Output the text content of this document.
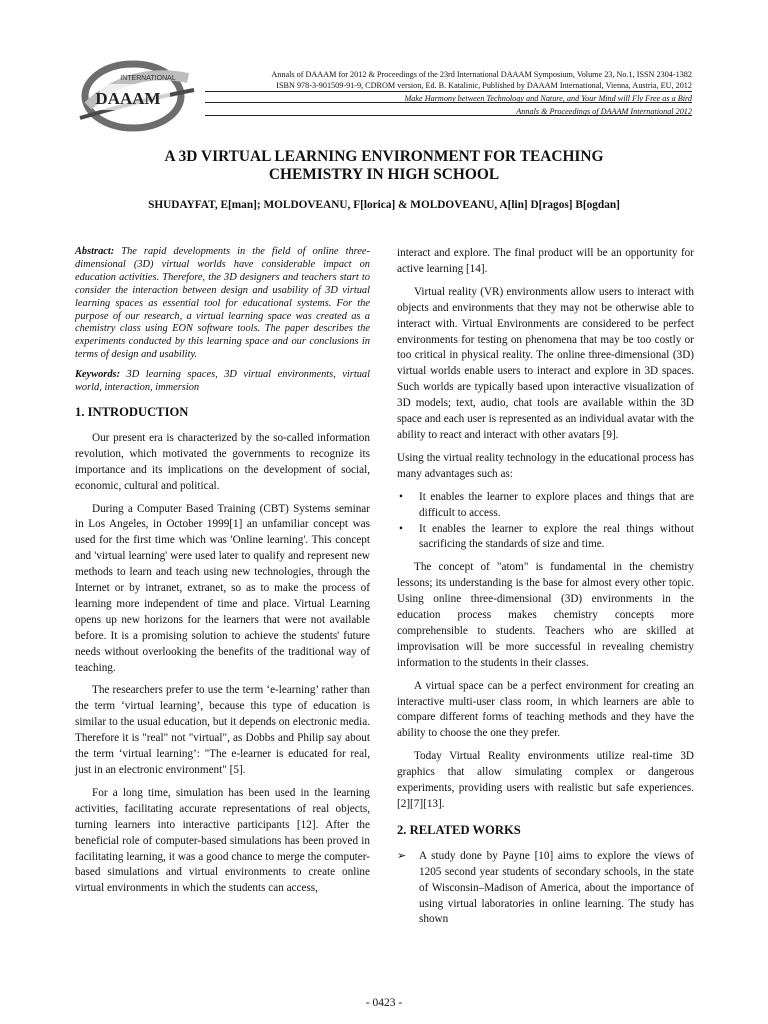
INTERNATIONAL
DAAAM
Annals of DAAAM for 2012 & Proceedings of the 23rd International DAAAM Symposium, Volume 23, No.1, ISSN 2304-1382
ISBN 978-3-901509-91-9, CDROM version, Ed. B. Katalinic, Published by DAAAM International, Vienna, Austria, EU, 2012
Make Harmony between Technology and Nature, and Your Mind will Fly Free as a Bird
Annals & Proceedings of DAAAM International 2012
A 3D VIRTUAL LEARNING ENVIRONMENT FOR TEACHING
CHEMISTRY IN HIGH SCHOOL
SHUDAYFAT, E[man]; MOLDOVEANU, F[lorica] & MOLDOVEANU, A[lin] D[ragos] B[ogdan]

Abstract: The rapid developments in the field of online three-dimensional (3D) virtual worlds have considerable impact on education activities. Therefore, the 3D designers and teachers start to consider the interaction between design and usability of 3D virtual learning spaces as essential tool for educational systems. For the purpose of our research, a virtual learning space was created as a chemistry class using EON software tools. The paper describes the experiments conducted by this learning space and our conclusions in terms of design and usability.

Keywords: 3D learning spaces, 3D virtual environments, virtual world, interaction, immersion

1. INTRODUCTION

Our present era is characterized by the so-called information revolution, which motivated the governments to recognize its importance and its implications on the development of social, economic, cultural and political.

During a Computer Based Training (CBT) Systems seminar in Los Angeles, in October 1999[1] an unfamiliar concept was used for the first time which was 'Online learning'. This concept and 'virtual learning' were used later to qualify and represent new methods to learn and teach using new technologies, through the Internet or by intranet, extranet, so as to make the process of learning more independent of time and place. Virtual Learning opens up new horizons for the learners that were not available before. It is a promising solution to achieve the students' future needs without overlooking the benefits of the traditional way of teaching.

The researchers prefer to use the term ‘e-learning’ rather than the term ‘virtual learning’, because this type of education is similar to the usual education, but it depends on electronic media. Therefore it is "real" not "virtual", as Dobbs and Philip say about the term ‘virtual learning’: "The e-learner is educated for real, just in an electronic environment" [5].

For a long time, simulation has been used in the learning activities, facilitating accurate representations of real objects, turning learners into interactive participants [12]. After the beneficial role of computer-based simulations has been proved in facilitating learning, it was a good chance to merge the computer-based simulations and virtual environments to create online virtual environments in which the students can access,

interact and explore. The final product will be an opportunity for active learning [14].

Virtual reality (VR) environments allow users to interact with objects and environments that they may not be otherwise able to interact with. Virtual Environments are considered to be perfect environments for testing on phenomena that may be too costly or too critical in physical reality. The online three-dimensional (3D) virtual worlds enable users to interact and explore in 3D spaces. Such worlds are typically based upon interactive visualization of 3D models; text, audio, chat tools are available within the 3D space and each user is represented as an individual avatar with the ability to react and interact with other avatars [9].

Using the virtual reality technology in the educational process has many advantages such as:

• It enables the learner to explore places and things that are difficult to access.
• It enables the learner to explore the real things without sacrificing the standards of size and time.

The concept of "atom" is fundamental in the chemistry lessons; its understanding is the base for almost every other topic. Using online three-dimensional (3D) environments in the education process makes chemistry concepts more comprehensible to students. Teachers who are skilled at improvisation will be more successful in revealing chemistry information to the students in their classes.

A virtual space can be a perfect environment for creating an interactive multi-user class room, in which learners are able to compare different forms of teaching methods and they have the ability to choose the one they prefer.

Today Virtual Reality environments utilize real-time 3D graphics that allow simulating complex or dangerous experiments, providing users with realistic but safe experiences. [2][7][13].

2. RELATED WORKS
➢ A study done by Payne [10] aims to explore the views of 1205 second year students of secondary schools, in the state of Wisconsin‒Madison of America, about the importance of using virtual laboratories in online learning. The study has shown
- 0423 -
